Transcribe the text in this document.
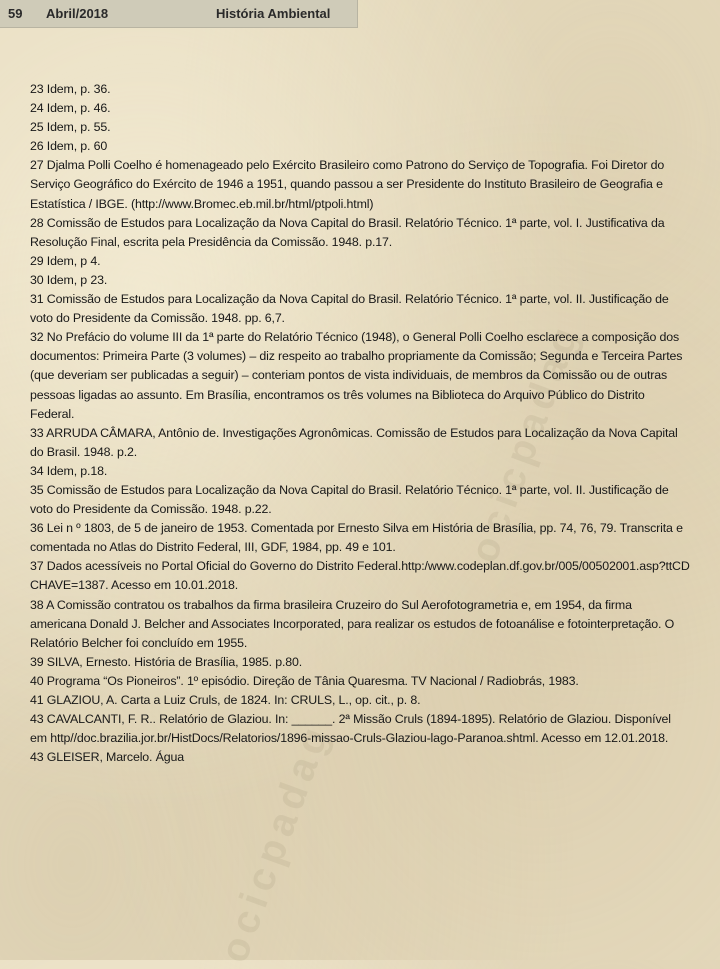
59 Abril/2018	História Ambiental
ocicpadag
ocicpadag
23 Idem, p. 36.
24 Idem, p. 46.
25 Idem, p. 55.
26 Idem, p. 60
27 Djalma Polli Coelho é homenageado pelo Exército Brasileiro como Patrono do Serviço de Topografia. Foi Diretor do Serviço Geográfico do Exército de 1946 a 1951, quando passou a ser Presidente do Instituto Brasileiro de Geografia e Estatística / IBGE. (http://www.Bromec.eb.mil.br/html/ptpoli.html)
28 Comissão de Estudos para Localização da Nova Capital do Brasil. Relatório Técnico. 1ª parte, vol. I. Justificativa da Resolução Final, escrita pela Presidência da Comissão. 1948. p.17.
29 Idem, p 4.
30 Idem, p 23.
31 Comissão de Estudos para Localização da Nova Capital do Brasil. Relatório Técnico. 1ª parte, vol. II. Justificação de voto do Presidente da Comissão. 1948. pp. 6,7.
32 No Prefácio do volume III da 1ª parte do Relatório Técnico (1948), o General Polli Coelho esclarece a composição dos documentos: Primeira Parte (3 volumes) – diz respeito ao trabalho propriamente da Comissão; Segunda e Terceira Partes (que deveriam ser publicadas a seguir) – conteriam pontos de vista individuais, de membros da Comissão ou de outras pessoas ligadas ao assunto. Em Brasília, encontramos os três volumes na Biblioteca do Arquivo Público do Distrito Federal.
33 ARRUDA CÂMARA, Antônio de. Investigações Agronômicas. Comissão de Estudos para Localização da Nova Capital do Brasil. 1948. p.2.
34 Idem, p.18.
35 Comissão de Estudos para Localização da Nova Capital do Brasil. Relatório Técnico. 1ª parte, vol. II. Justificação de voto do Presidente da Comissão. 1948. p.22.
36 Lei n º 1803, de 5 de janeiro de 1953. Comentada por Ernesto Silva em História de Brasília, pp. 74, 76, 79. Transcrita e comentada no Atlas do Distrito Federal, III, GDF, 1984, pp. 49 e 101.
37 Dados acessíveis no Portal Oficial do Governo do Distrito Federal.http:/www.codeplan.df.gov.br/005/00502001.asp?ttCD CHAVE=1387. Acesso em 10.01.2018.
38 A Comissão contratou os trabalhos da firma brasileira Cruzeiro do Sul Aerofotogrametria e, em 1954, da firma americana Donald J. Belcher and Associates Incorporated, para realizar os estudos de fotoanálise e fotointerpretação. O Relatório Belcher foi concluído em 1955.
39 SILVA, Ernesto. História de Brasília, 1985. p.80.
40 Programa “Os Pioneiros”. 1º episódio. Direção de Tânia Quaresma. TV Nacional / Radiobrás, 1983.
41 GLAZIOU, A. Carta a Luiz Cruls, de 1824. In: CRULS, L., op. cit., p. 8.
43 CAVALCANTI, F. R.. Relatório de Glaziou. In: ______. 2ª Missão Cruls (1894-1895). Relatório de Glaziou. Disponível em http//doc.brazilia.jor.br/HistDocs/Relatorios/1896-missao-Cruls-Glaziou-lago-Paranoa.shtml. Acesso em 12.01.2018.
43 GLEISER, Marcelo. Água
